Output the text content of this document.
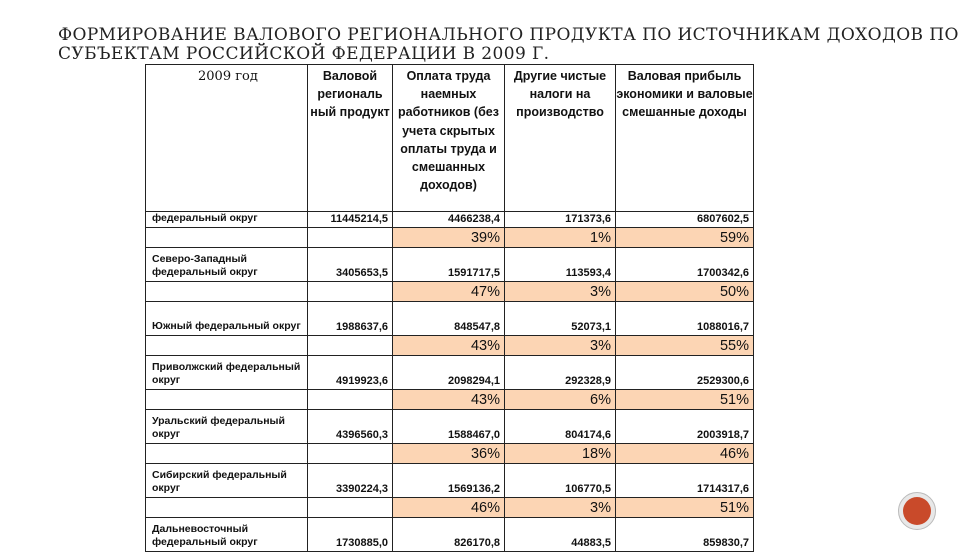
ФОРМИРОВАНИЕ ВАЛОВОГО РЕГИОНАЛЬНОГО ПРОДУКТА ПО ИСТОЧНИКАМ ДОХОДОВ ПО
СУБЪЕКТАМ РОССИЙСКОЙ ФЕДЕРАЦИИ В 2009 Г.
2009 год	Валовой региональ ный продукт	Оплата труда наемных работников (без учета скрытых оплаты труда и смешанных доходов)	Другие чистые налоги на производство	Валовая прибыль экономики и валовые смешанные доходы
федеральный округ	11445214,5	4466238,4	171373,6	6807602,5
		39%	1%	59%
Северо-Западный федеральный округ	3405653,5	1591717,5	113593,4	1700342,6
		47%	3%	50%
Южный федеральный округ	1988637,6	848547,8	52073,1	1088016,7
		43%	3%	55%
Приволжский федеральный округ	4919923,6	2098294,1	292328,9	2529300,6
		43%	6%	51%
Уральский федеральный округ	4396560,3	1588467,0	804174,6	2003918,7
		36%	18%	46%
Сибирский федеральный округ	3390224,3	1569136,2	106770,5	1714317,6
		46%	3%	51%
Дальневосточный федеральный округ	1730885,0	826170,8	44883,5	859830,7
